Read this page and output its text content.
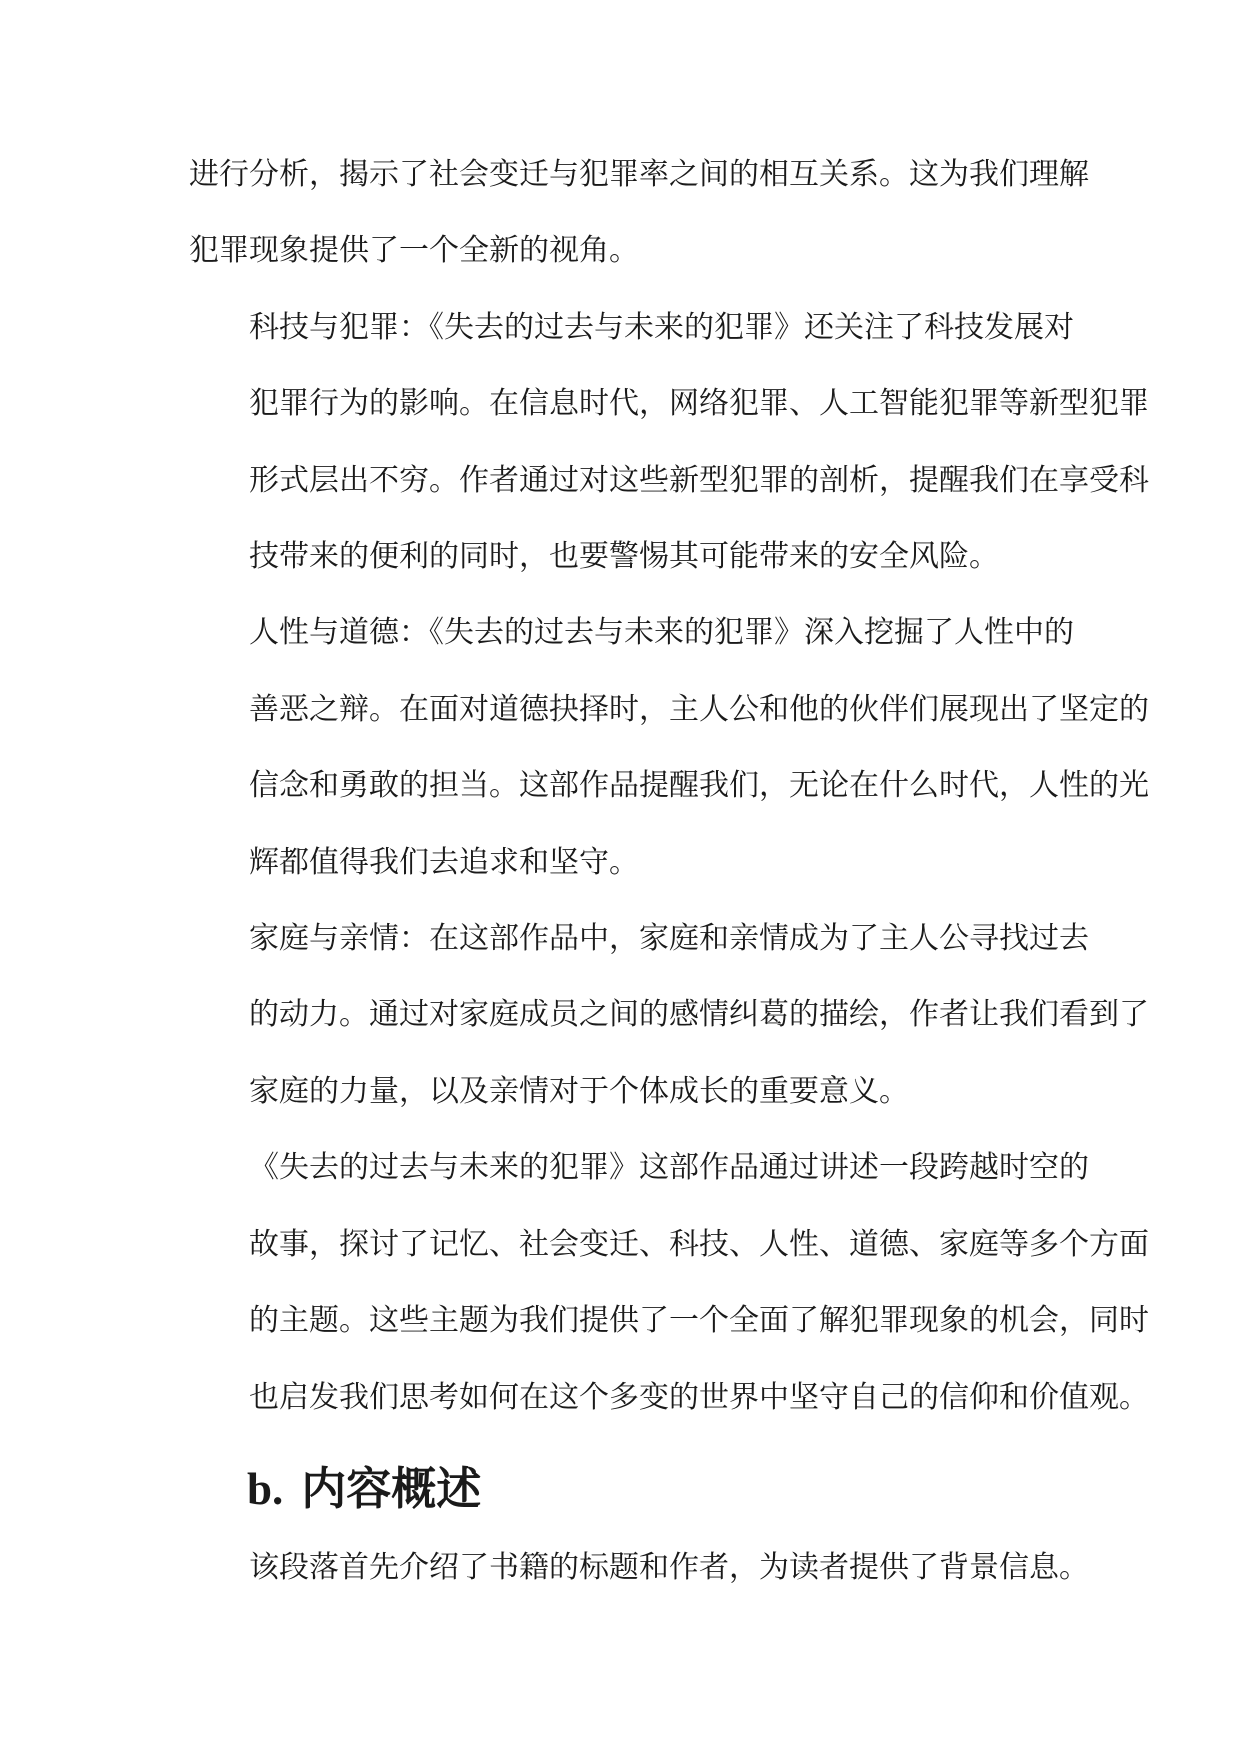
进行分析，揭示了社会变迁与犯罪率之间的相互关系。这为我们理解
犯罪现象提供了一个全新的视角。

科技与犯罪：《失去的过去与未来的犯罪》还关注了科技发展对
犯罪行为的影响。在信息时代，网络犯罪、人工智能犯罪等新型犯罪
形式层出不穷。作者通过对这些新型犯罪的剖析，提醒我们在享受科
技带来的便利的同时，也要警惕其可能带来的安全风险。

人性与道德：《失去的过去与未来的犯罪》深入挖掘了人性中的
善恶之辩。在面对道德抉择时，主人公和他的伙伴们展现出了坚定的
信念和勇敢的担当。这部作品提醒我们，无论在什么时代，人性的光
辉都值得我们去追求和坚守。

家庭与亲情：在这部作品中，家庭和亲情成为了主人公寻找过去
的动力。通过对家庭成员之间的感情纠葛的描绘，作者让我们看到了
家庭的力量，以及亲情对于个体成长的重要意义。

《失去的过去与未来的犯罪》这部作品通过讲述一段跨越时空的
故事，探讨了记忆、社会变迁、科技、人性、道德、家庭等多个方面
的主题。这些主题为我们提供了一个全面了解犯罪现象的机会，同时
也启发我们思考如何在这个多变的世界中坚守自己的信仰和价值观。

b. 内容概述

该段落首先介绍了书籍的标题和作者，为读者提供了背景信息。
